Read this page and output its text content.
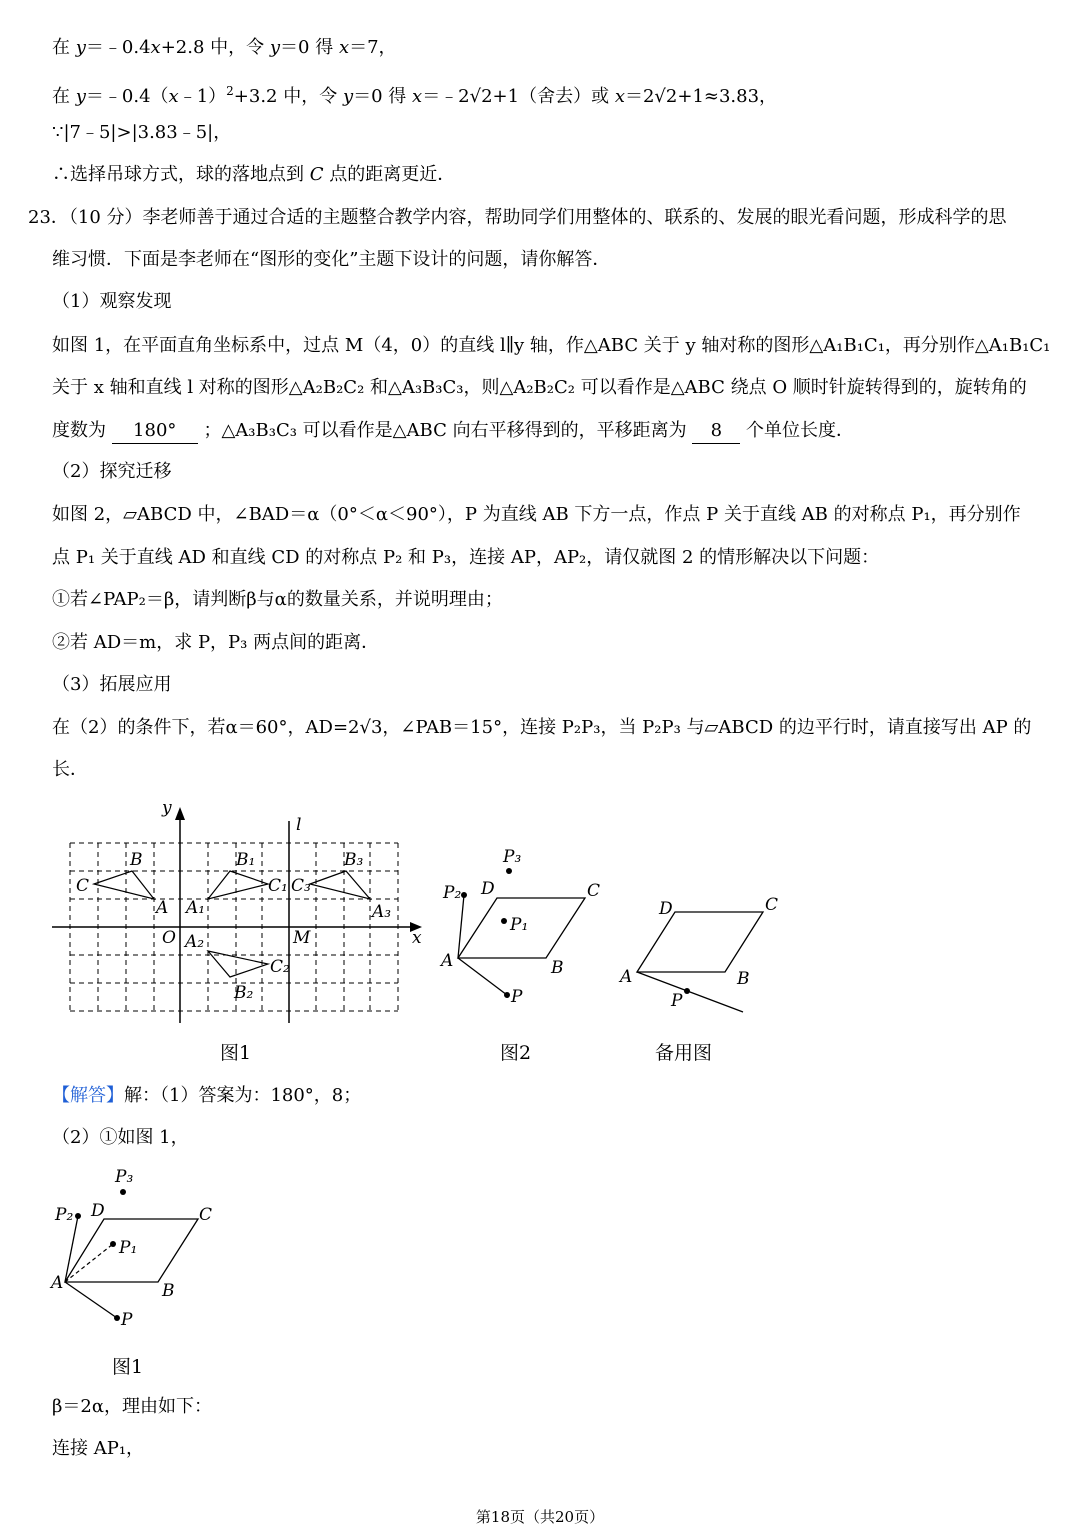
在 y＝﹣0.4x+2.8 中，令 y＝0 得 x＝7，
在 y＝﹣0.4（x﹣1）$^2$+3.2 中，令 y＝0 得 x＝﹣2√2+1（舍去）或 x＝2√2+1≈3.83，
∵|7﹣5|>|3.83﹣5|，
∴选择吊球方式，球的落地点到 C 点的距离更近．
23．（10 分）李老师善于通过合适的主题整合教学内容，帮助同学们用整体的、联系的、发展的眼光看问题，形成科学的思
维习惯．下面是李老师在“图形的变化”主题下设计的问题，请你解答．
（1）观察发现
如图 1，在平面直角坐标系中，过点 M（4，0）的直线 l∥y 轴，作△ABC 关于 y 轴对称的图形△A₁B₁C₁，再分别作△A₁B₁C₁
关于 x 轴和直线 l 对称的图形△A₂B₂C₂ 和△A₃B₃C₃，则△A₂B₂C₂ 可以看作是△ABC 绕点 O 顺时针旋转得到的，旋转角的
度数为 180° ；△A₃B₃C₃ 可以看作是△ABC 向右平移得到的，平移距离为 8 个单位长度．
（2）探究迁移
如图 2，▱ABCD 中，∠BAD＝α（0°＜α＜90°），P 为直线 AB 下方一点，作点 P 关于直线 AB 的对称点 P₁，再分别作
点 P₁ 关于直线 AD 和直线 CD 的对称点 P₂ 和 P₃，连接 AP，AP₂，请仅就图 2 的情形解决以下问题：
①若∠PAP₂＝β，请判断β与α的数量关系，并说明理由；
②若 AD＝m，求 P，P₃ 两点间的距离．
（3）拓展应用
在（2）的条件下，若α＝60°，AD=2√3，∠PAB＝15°，连接 P₂P₃，当 P₂P₃ 与▱ABCD 的边平行时，请直接写出 AP 的
长．
y
x
O	M
l
C
B
A A₁
B₁
C₁ C₃
B₃
A₃
A₂
C₂
B₂
图1
P₃
P₂ D	C
P₁
A	B
P
图2
D	C
A	B
P
备用图
【解答】解：（1）答案为：180°，8；
（2）①如图 1，
P₃
P₂ D	C
P₁
A	B
P
图1
β＝2α，理由如下：
连接 AP₁，
第18页（共20页）
